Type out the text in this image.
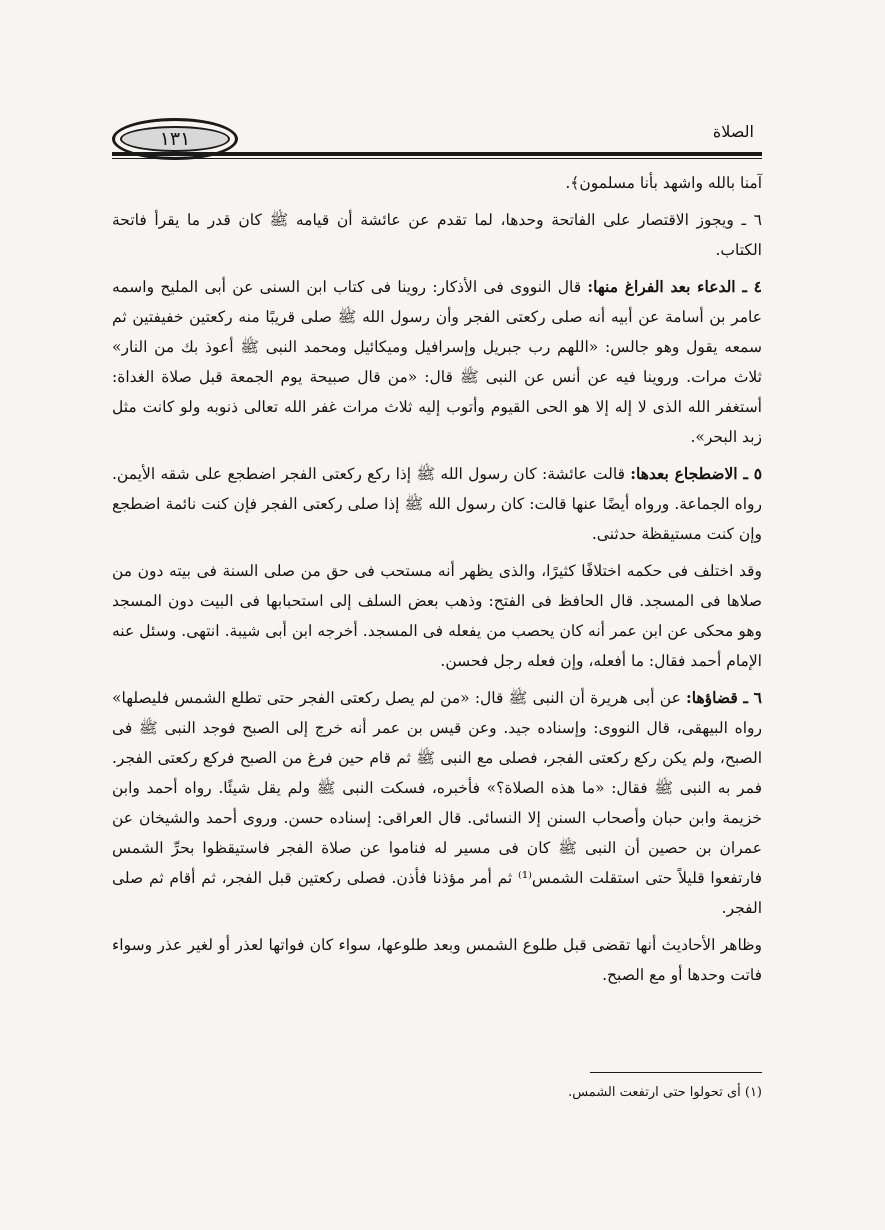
١٣١	الصلاة

آمنا بالله واشهد بأنا مسلمون﴾.

٦ ـ ويجوز الاقتصار على الفاتحة وحدها، لما تقدم عن عائشة أن قيامه ﷺ كان قدر ما يقرأ فاتحة الكتاب.

٤ ـ الدعاء بعد الفراغ منها: قال النووى فى الأذكار: روينا فى كتاب ابن السنى عن أبى المليح واسمه عامر بن أسامة عن أبيه أنه صلى ركعتى الفجر وأن رسول الله ﷺ صلى قريبًا منه ركعتين خفيفتين ثم سمعه يقول وهو جالس: «اللهم رب جبريل وإسرافيل وميكائيل ومحمد النبى ﷺ أعوذ بك من النار» ثلاث مرات. وروينا فيه عن أنس عن النبى ﷺ قال: «من قال صبيحة يوم الجمعة قبل صلاة الغداة: أستغفر الله الذى لا إله إلا هو الحى القيوم وأتوب إليه ثلاث مرات غفر الله تعالى ذنوبه ولو كانت مثل زبد البحر».

٥ ـ الاضطجاع بعدها: قالت عائشة: كان رسول الله ﷺ إذا ركع ركعتى الفجر اضطجع على شقه الأيمن. رواه الجماعة. ورواه أيضًا عنها قالت: كان رسول الله ﷺ إذا صلى ركعتى الفجر فإن كنت نائمة اضطجع وإن كنت مستيقظة حدثنى.

وقد اختلف فى حكمه اختلافًا كثيرًا، والذى يظهر أنه مستحب فى حق من صلى السنة فى بيته دون من صلاها فى المسجد. قال الحافظ فى الفتح: وذهب بعض السلف إلى استحبابها فى البيت دون المسجد وهو محكى عن ابن عمر أنه كان يحصب من يفعله فى المسجد. أخرجه ابن أبى شيبة. انتهى. وسئل عنه الإمام أحمد فقال: ما أفعله، وإن فعله رجل فحسن.

٦ ـ قضاؤها: عن أبى هريرة أن النبى ﷺ قال: «من لم يصل ركعتى الفجر حتى تطلع الشمس فليصلها» رواه البيهقى، قال النووى: وإسناده جيد. وعن قيس بن عمر أنه خرج إلى الصبح فوجد النبى ﷺ فى الصبح، ولم يكن ركع ركعتى الفجر، فصلى مع النبى ﷺ ثم قام حين فرغ من الصبح فركع ركعتى الفجر. فمر به النبى ﷺ فقال: «ما هذه الصلاة؟» فأخبره، فسكت النبى ﷺ ولم يقل شيئًا. رواه أحمد وابن خزيمة وابن حبان وأصحاب السنن إلا النسائى. قال العراقى: إسناده حسن. وروى أحمد والشيخان عن عمران بن حصين أن النبى ﷺ كان فى مسير له فناموا عن صلاة الفجر فاستيقظوا بحرِّ الشمس فارتفعوا قليلاً حتى استقلت الشمس⁽¹⁾ ثم أمر مؤذنا فأذن. فصلى ركعتين قبل الفجر، ثم أقام ثم صلى الفجر.

وظاهر الأحاديث أنها تقضى قبل طلوع الشمس وبعد طلوعها، سواء كان فواتها لعذر أو لغير عذر وسواء فاتت وحدها أو مع الصبح.

(١) أى تحولوا حتى ارتفعت الشمس.
